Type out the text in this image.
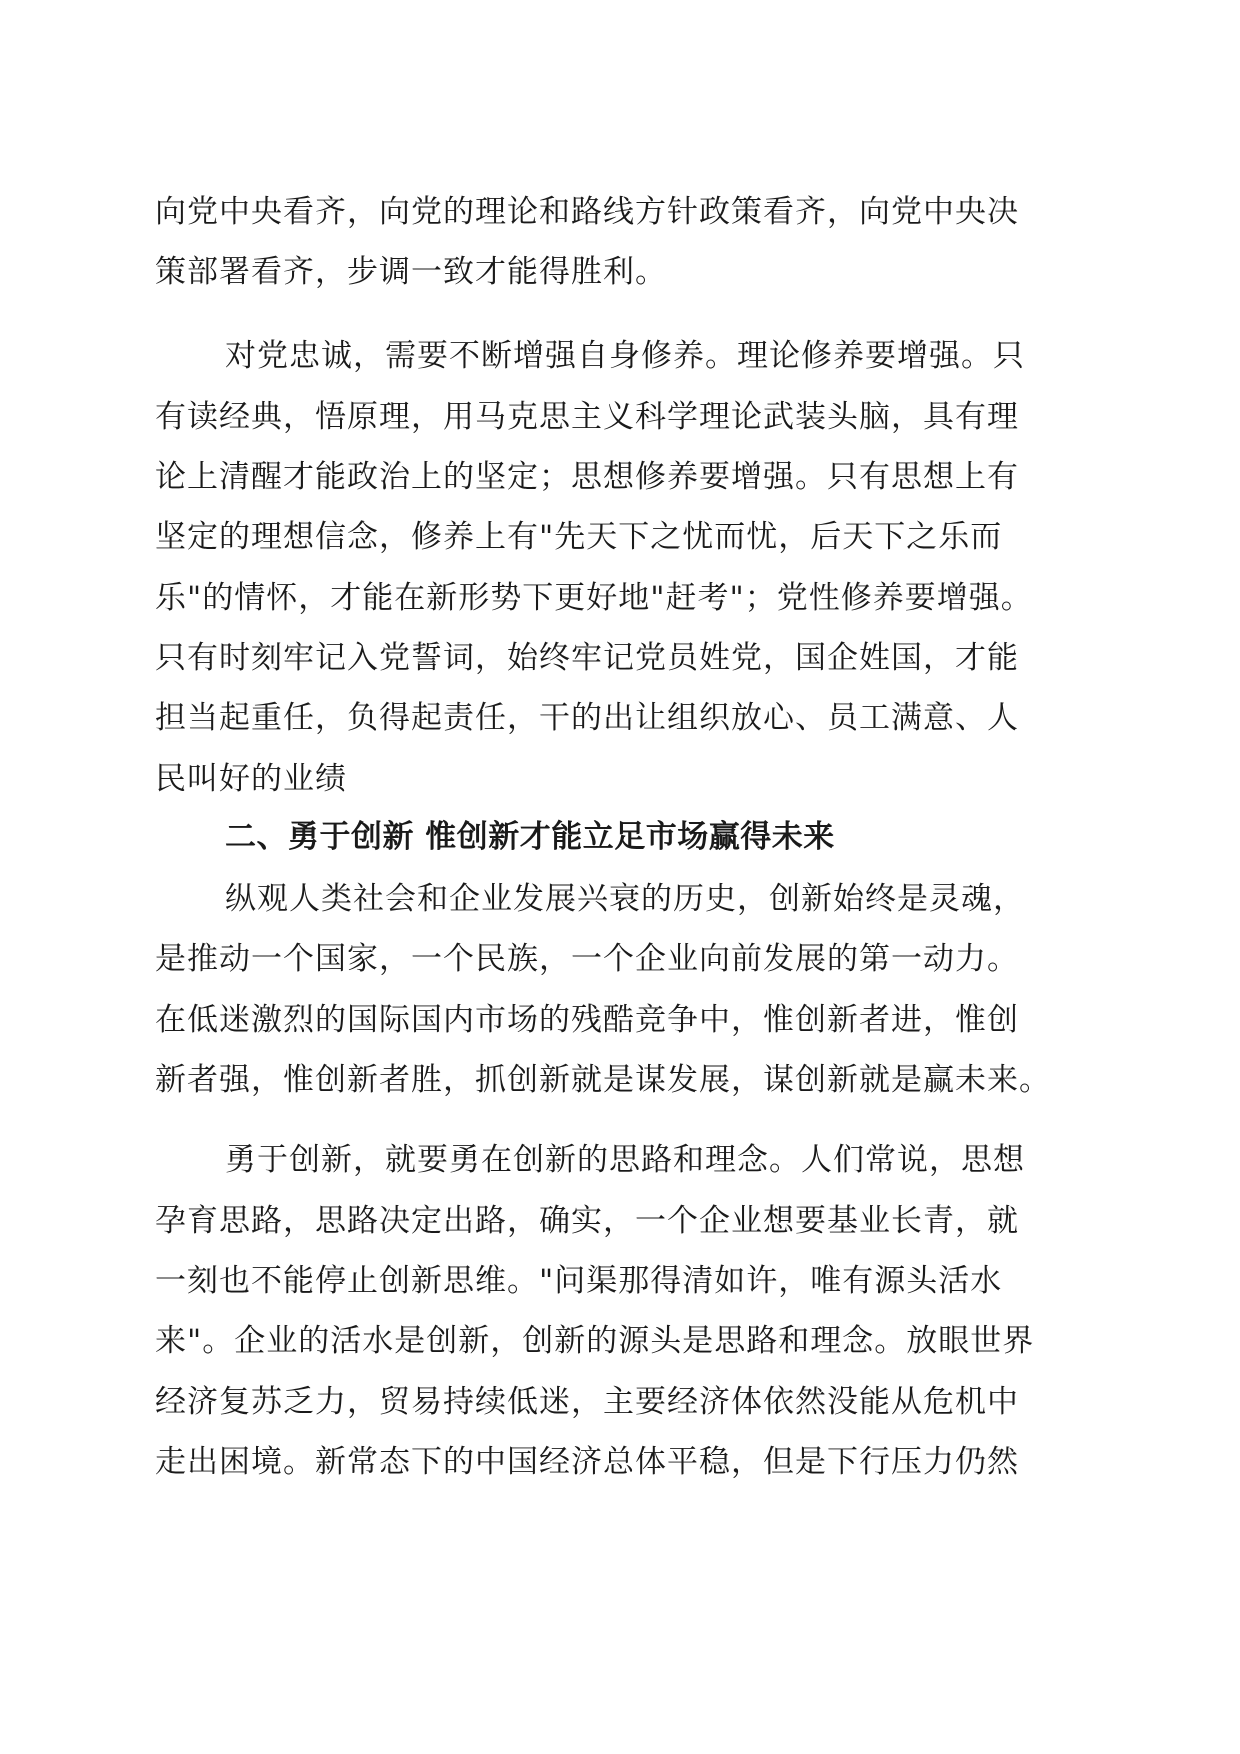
向党中央看齐，向党的理论和路线方针政策看齐，向党中央决
策部署看齐，步调一致才能得胜利。
对党忠诚，需要不断增强自身修养。理论修养要增强。只
有读经典，悟原理，用马克思主义科学理论武装头脑，具有理
论上清醒才能政治上的坚定；思想修养要增强。只有思想上有
坚定的理想信念，修养上有"先天下之忧而忧，后天下之乐而
乐"的情怀，才能在新形势下更好地"赶考"；党性修养要增强。
只有时刻牢记入党誓词，始终牢记党员姓党，国企姓国，才能
担当起重任，负得起责任，干的出让组织放心、员工满意、人
民叫好的业绩
二、勇于创新 惟创新才能立足市场赢得未来
纵观人类社会和企业发展兴衰的历史，创新始终是灵魂，
是推动一个国家，一个民族，一个企业向前发展的第一动力。
在低迷激烈的国际国内市场的残酷竞争中，惟创新者进，惟创
新者强，惟创新者胜，抓创新就是谋发展，谋创新就是赢未来。
勇于创新，就要勇在创新的思路和理念。人们常说，思想
孕育思路，思路决定出路，确实，一个企业想要基业长青，就
一刻也不能停止创新思维。"问渠那得清如许，唯有源头活水
来"。企业的活水是创新，创新的源头是思路和理念。放眼世界
经济复苏乏力，贸易持续低迷，主要经济体依然没能从危机中
走出困境。新常态下的中国经济总体平稳，但是下行压力仍然
